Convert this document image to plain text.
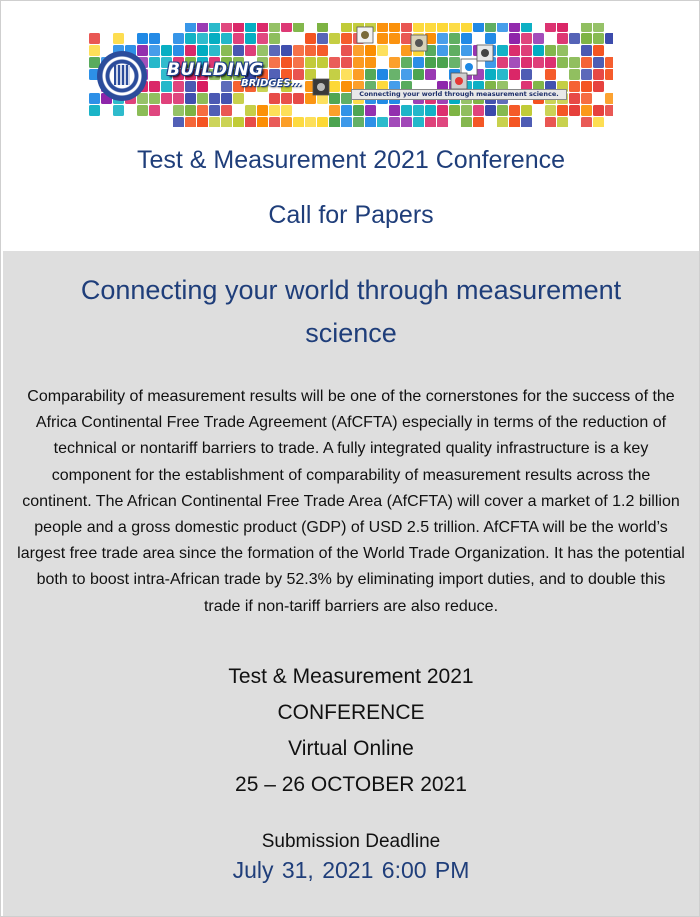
BUILDING
BRIDGES...
Connecting your world through measurement science.
Test & Measurement 2021 Conference
Call for Papers
Connecting your world through measurement science
Comparability of measurement results will be one of the cornerstones for the success of the Africa Continental Free Trade Agreement (AfCFTA) especially in terms of the reduction of technical or nontariff barriers to trade. A fully integrated quality infrastructure is a key component for the establishment of comparability of measurement results across the continent. The African Continental Free Trade Area (AfCFTA) will cover a market of 1.2 billion people and a gross domestic product (GDP) of USD 2.5 trillion. AfCFTA will be the world’s largest free trade area since the formation of the World Trade Organization. It has the potential both to boost intra-African trade by 52.3% by eliminating import duties, and to double this trade if non-tariff barriers are also reduce.
Test & Measurement 2021
CONFERENCE
Virtual Online
25 – 26 OCTOBER 2021
Submission Deadline
July 31, 2021 6:00 PM
